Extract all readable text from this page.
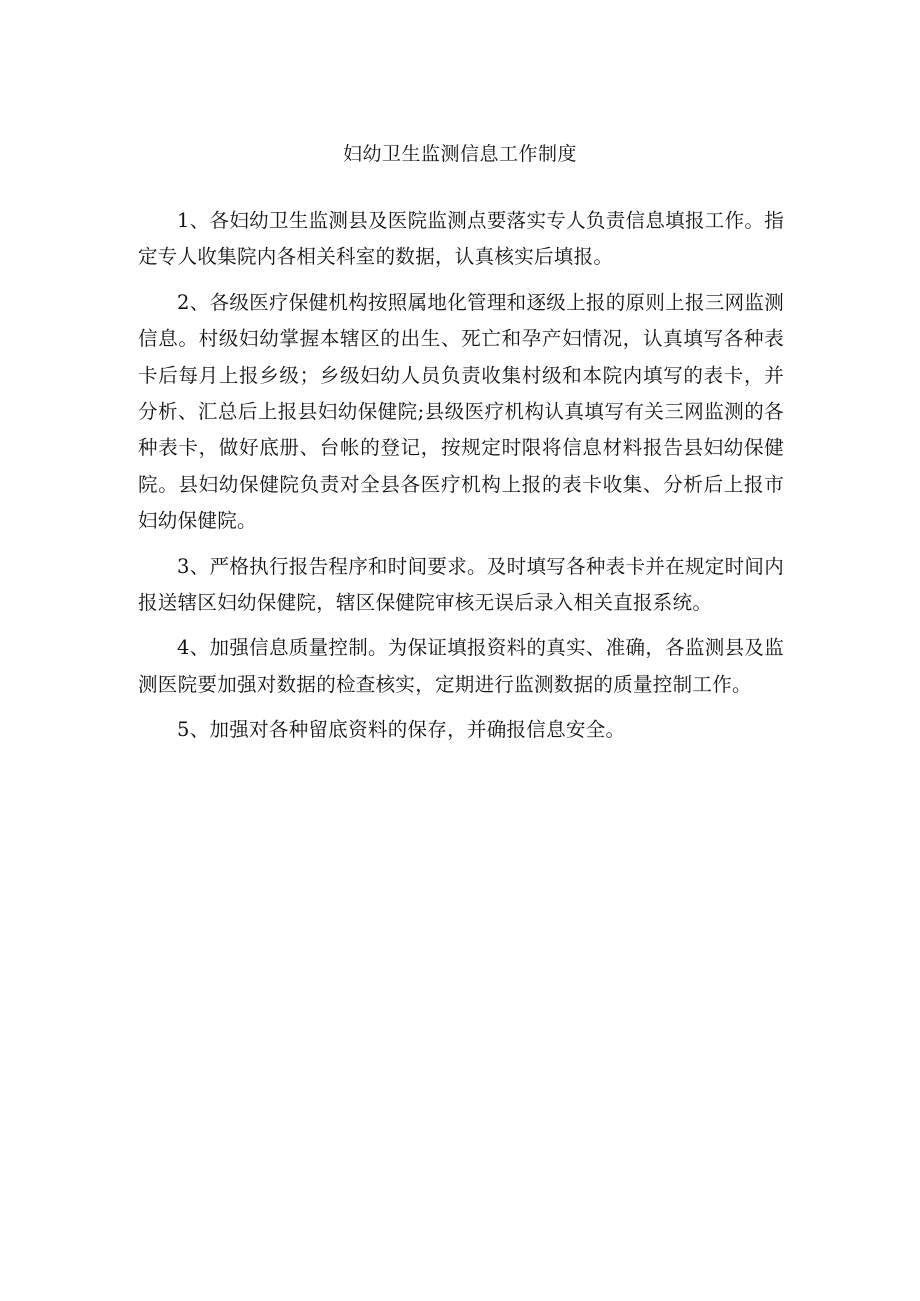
妇幼卫生监测信息工作制度

1、各妇幼卫生监测县及医院监测点要落实专人负责信息填报工作。指定专人收集院内各相关科室的数据，认真核实后填报。

2、各级医疗保健机构按照属地化管理和逐级上报的原则上报三网监测信息。村级妇幼掌握本辖区的出生、死亡和孕产妇情况，认真填写各种表卡后每月上报乡级；乡级妇幼人员负责收集村级和本院内填写的表卡，并分析、汇总后上报县妇幼保健院;县级医疗机构认真填写有关三网监测的各种表卡，做好底册、台帐的登记，按规定时限将信息材料报告县妇幼保健院。县妇幼保健院负责对全县各医疗机构上报的表卡收集、分析后上报市妇幼保健院。

3、严格执行报告程序和时间要求。及时填写各种表卡并在规定时间内报送辖区妇幼保健院，辖区保健院审核无误后录入相关直报系统。

4、加强信息质量控制。为保证填报资料的真实、准确，各监测县及监测医院要加强对数据的检查核实，定期进行监测数据的质量控制工作。

5、加强对各种留底资料的保存，并确报信息安全。
